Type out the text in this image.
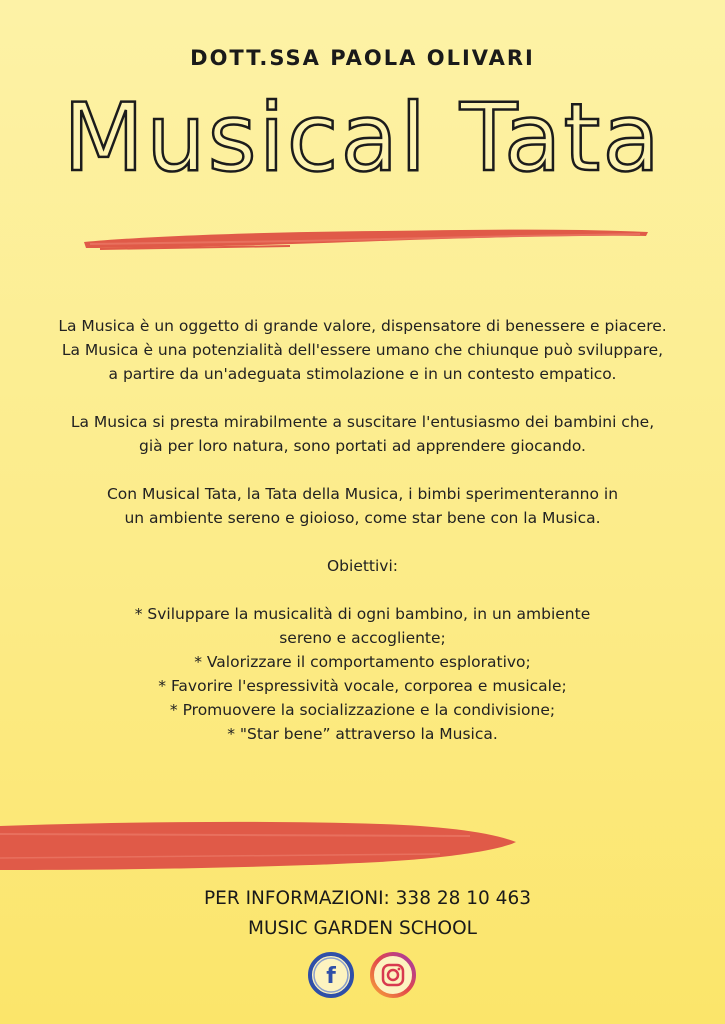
DOTT.SSA PAOLA OLIVARI
Musical Tata

La Musica è un oggetto di grande valore, dispensatore di benessere e piacere.

La Musica è una potenzialità dell'essere umano che chiunque può sviluppare,

a partire da un'adeguata stimolazione e in un contesto empatico.

La Musica si presta mirabilmente a suscitare l'entusiasmo dei bambini che,

già per loro natura, sono portati ad apprendere giocando.

Con Musical Tata, la Tata della Musica, i bimbi sperimenteranno in

un ambiente sereno e gioioso, come star bene con la Musica.

Obiettivi:

* Sviluppare la musicalità di ogni bambino, in un ambiente

sereno e accogliente;

* Valorizzare il comportamento esplorativo;

* Favorire l'espressività vocale, corporea e musicale;

* Promuovere la socializzazione e la condivisione;

* "Star bene” attraverso la Musica.

PER INFORMAZIONI: 338 28 10 463
MUSIC GARDEN SCHOOL
f
